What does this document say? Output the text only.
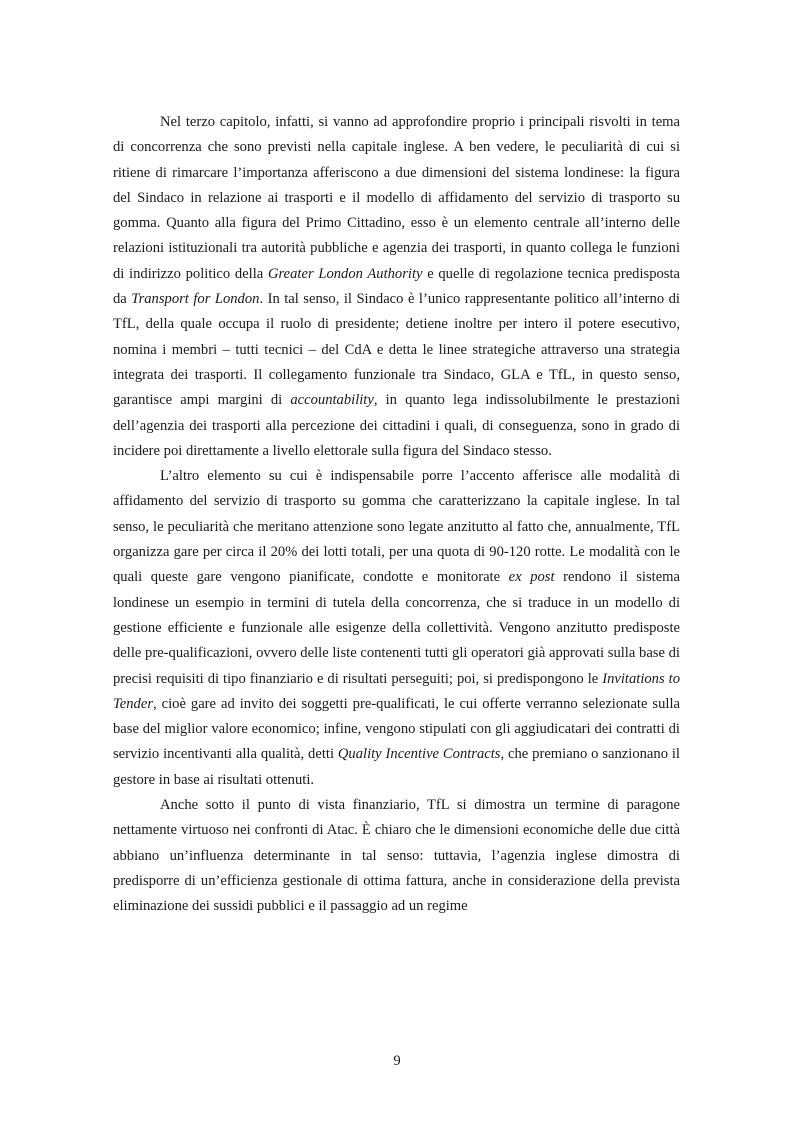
Nel terzo capitolo, infatti, si vanno ad approfondire proprio i principali risvolti in tema di concorrenza che sono previsti nella capitale inglese. A ben vedere, le peculiarità di cui si ritiene di rimarcare l’importanza afferiscono a due dimensioni del sistema londinese: la figura del Sindaco in relazione ai trasporti e il modello di affidamento del servizio di trasporto su gomma. Quanto alla figura del Primo Cittadino, esso è un elemento centrale all’interno delle relazioni istituzionali tra autorità pubbliche e agenzia dei trasporti, in quanto collega le funzioni di indirizzo politico della Greater London Authority e quelle di regolazione tecnica predisposta da Transport for London. In tal senso, il Sindaco è l’unico rappresentante politico all’interno di TfL, della quale occupa il ruolo di presidente; detiene inoltre per intero il potere esecutivo, nomina i membri – tutti tecnici – del CdA e detta le linee strategiche attraverso una strategia integrata dei trasporti. Il collegamento funzionale tra Sindaco, GLA e TfL, in questo senso, garantisce ampi margini di accountability, in quanto lega indissolubilmente le prestazioni dell’agenzia dei trasporti alla percezione dei cittadini i quali, di conseguenza, sono in grado di incidere poi direttamente a livello elettorale sulla figura del Sindaco stesso.

L’altro elemento su cui è indispensabile porre l’accento afferisce alle modalità di affidamento del servizio di trasporto su gomma che caratterizzano la capitale inglese. In tal senso, le peculiarità che meritano attenzione sono legate anzitutto al fatto che, annualmente, TfL organizza gare per circa il 20% dei lotti totali, per una quota di 90-120 rotte. Le modalità con le quali queste gare vengono pianificate, condotte e monitorate ex post rendono il sistema londinese un esempio in termini di tutela della concorrenza, che si traduce in un modello di gestione efficiente e funzionale alle esigenze della collettività. Vengono anzitutto predisposte delle pre-qualificazioni, ovvero delle liste contenenti tutti gli operatori già approvati sulla base di precisi requisiti di tipo finanziario e di risultati perseguiti; poi, si predispongono le Invitations to Tender, cioè gare ad invito dei soggetti pre-qualificati, le cui offerte verranno selezionate sulla base del miglior valore economico; infine, vengono stipulati con gli aggiudicatari dei contratti di servizio incentivanti alla qualità, detti Quality Incentive Contracts, che premiano o sanzionano il gestore in base ai risultati ottenuti.

Anche sotto il punto di vista finanziario, TfL si dimostra un termine di paragone nettamente virtuoso nei confronti di Atac. È chiaro che le dimensioni economiche delle due città abbiano un’influenza determinante in tal senso: tuttavia, l’agenzia inglese dimostra di predisporre di un’efficienza gestionale di ottima fattura, anche in considerazione della prevista eliminazione dei sussidi pubblici e il passaggio ad un regime

9
